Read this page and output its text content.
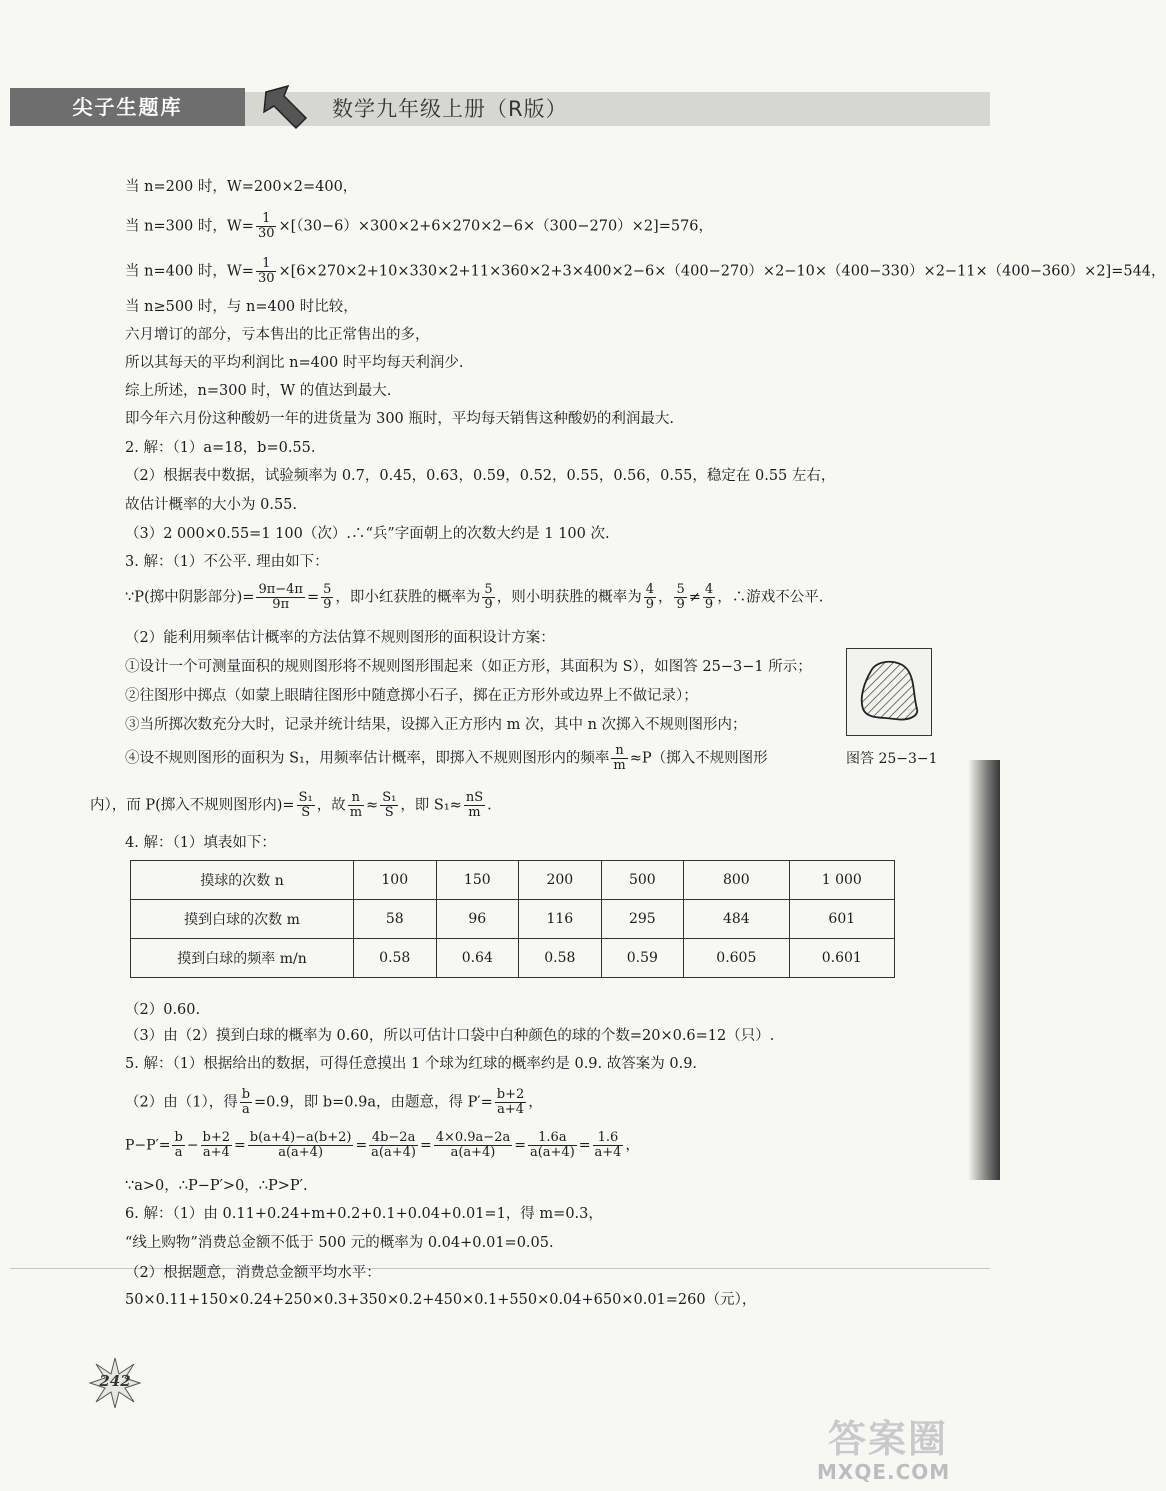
尖子生题库	数学九年级上册（R版）
当 n=200 时，W=200×2=400，
当 n=300 时，$W= \frac{1}{30} \times[(30-6)\times 300\times 2+6\times 270\times 2-6\times(300-270)\times 2]=576$，
当 n=400 时，$W= \frac{1}{30} \times[6\times 270\times 2+10\times 330\times 2+11\times 360\times 2+3\times 400\times 2-6\times(400-270)\times 2-10\times(400-330)\times 2-11\times(400-360)\times 2]=544$，
当 n≥500 时，与 n=400 时比较，
六月增订的部分，亏本售出的比正常售出的多，
所以其每天的平均利润比 n=400 时平均每天利润少.
综上所述，n=300 时，W 的值达到最大.
即今年六月份这种酸奶一年的进货量为 300 瓶时，平均每天销售这种酸奶的利润最大.
2. 解：（1）a=18，b=0.55.
（2）根据表中数据，试验频率为 0.7，0.45，0.63，0.59，0.52，0.55，0.56，0.55，稳定在 0.55 左右，
故估计概率的大小为 0.55.
（3）2 000×0.55=1 100（次）.∴“兵”字面朝上的次数大约是 1 100 次.
3. 解：（1）不公平. 理由如下：
∵P(掷中阴影部分)= $\frac{9\pi-4\pi}{9\pi} = \frac{5}{9}$ ，即小红获胜的概率为 $\frac{5}{9}$ ，则小明获胜的概率为 $\frac{4}{9}$ ， $\frac{5}{9} \ne \frac{4}{9}$ ，∴游戏不公平.
（2）能利用频率估计概率的方法估算不规则图形的面积设计方案：
①设计一个可测量面积的规则图形将不规则图形围起来（如正方形，其面积为 S），如图答 25−3−1 所示；
②往图形中掷点（如蒙上眼睛往图形中随意掷小石子，掷在正方形外或边界上不做记录）；
③当所掷次数充分大时，记录并统计结果，设掷入正方形内 m 次，其中 n 次掷入不规则图形内；
④设不规则图形的面积为 S₁，用频率估计概率，即掷入不规则图形内的频率 $\frac{n}{m} \approx P$（掷入不规则图形	图答 25−3−1
内），而 P(掷入不规则图形内)= $\frac{\text{S₁}}{S}$ ，故 $\frac{n}{m} \approx \frac{\text{S₁}}{S}$ ，即 $S_1\approx \frac{nS}{m}$ .
4. 解：（1）填表如下：
摸球的次数 n	100	150	200	500	800	1 000
摸到白球的次数 m	58	96	116	295	484	601
摸到白球的频率 m/n	0.58	0.64	0.58	0.59	0.605	0.601
（2）0.60.
（3）由（2）摸到白球的概率为 0.60，所以可估计口袋中白种颜色的球的个数=20×0.6=12（只）.
5. 解：（1）根据给出的数据，可得任意摸出 1 个球为红球的概率约是 0.9. 故答案为 0.9.
（2）由（1），得 $\frac{b}{a} =0.9$，即 b=0.9a，由题意，得 $P'= \frac{b+2}{a+4}$ ，
$P-P'= \frac{b}{a} - \frac{b+2}{a+4} = \frac{b(a+4)-a(b+2)}{a(a+4)} = \frac{4b-2a}{a(a+4)} = \frac{4\times 0.9a-2a}{a(a+4)} = \frac{1.6a}{a(a+4)} = \frac{1.6}{a+4}$ ，
∵a>0，∴P−P′>0，∴P>P′.
6. 解：（1）由 0.11+0.24+m+0.2+0.1+0.04+0.01=1，得 m=0.3，
“线上购物”消费总金额不低于 500 元的概率为 0.04+0.01=0.05.
（2）根据题意，消费总金额平均水平：
50×0.11+150×0.24+250×0.3+350×0.2+450×0.1+550×0.04+650×0.01=260（元），
242
答案圈
MXQE.COM
